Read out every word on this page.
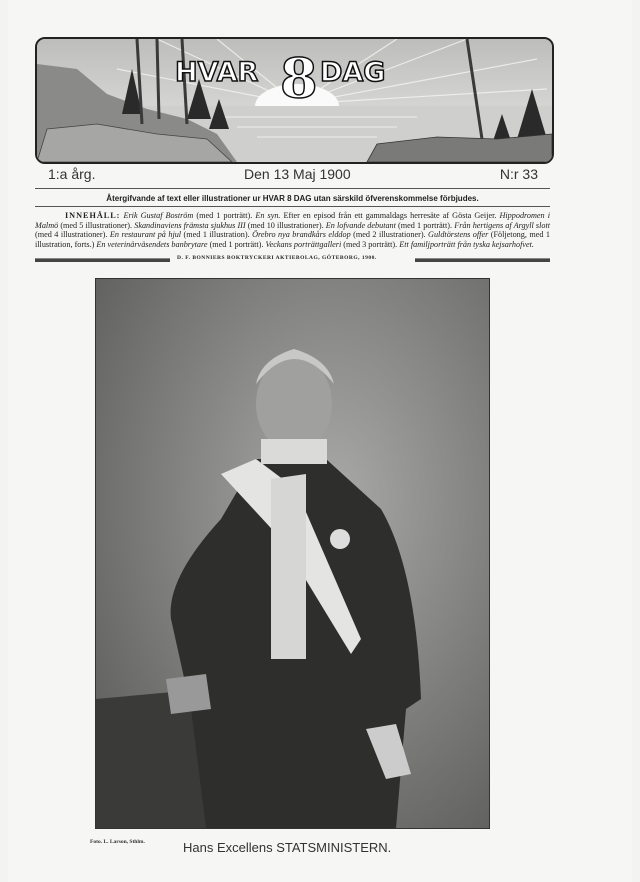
HVAR 8 DAG
1:a årg.	Den 13 Maj 1900	N:r 33
Återgifvande af text eller illustrationer ur HVAR 8 DAG utan särskild öfverenskommelse förbjudes.
INNEHÅLL: Erik Gustaf Boström (med 1 porträtt). En syn. Efter en episod från ett gammaldags herresäte af Gösta Geijer. Hippodromen i Malmö (med 5 illustrationer). Skandinaviens främsta sjukhus III (med 10 illustrationer). En lofvande debutant (med 1 porträtt). Från hertigens af Argyll slott (med 4 illustrationer). En restaurant på hjul (med 1 illustration). Örebro nya brandkårs elddop (med 2 illustrationer). Guldtörstens offer (Följetong, med 1 illustration, forts.) En veterinärväsendets banbrytare (med 1 porträtt). Veckans porträttgalleri (med 3 porträtt). Ett familjporträtt från tyska kejsarhofvet.
D. F. BONNIERS BOKTRYCKERI AKTIEBOLAG, GÖTEBORG, 1900.
Foto. L. Larson, Sthlm.	Hans Excellens STATSMINISTERN.
